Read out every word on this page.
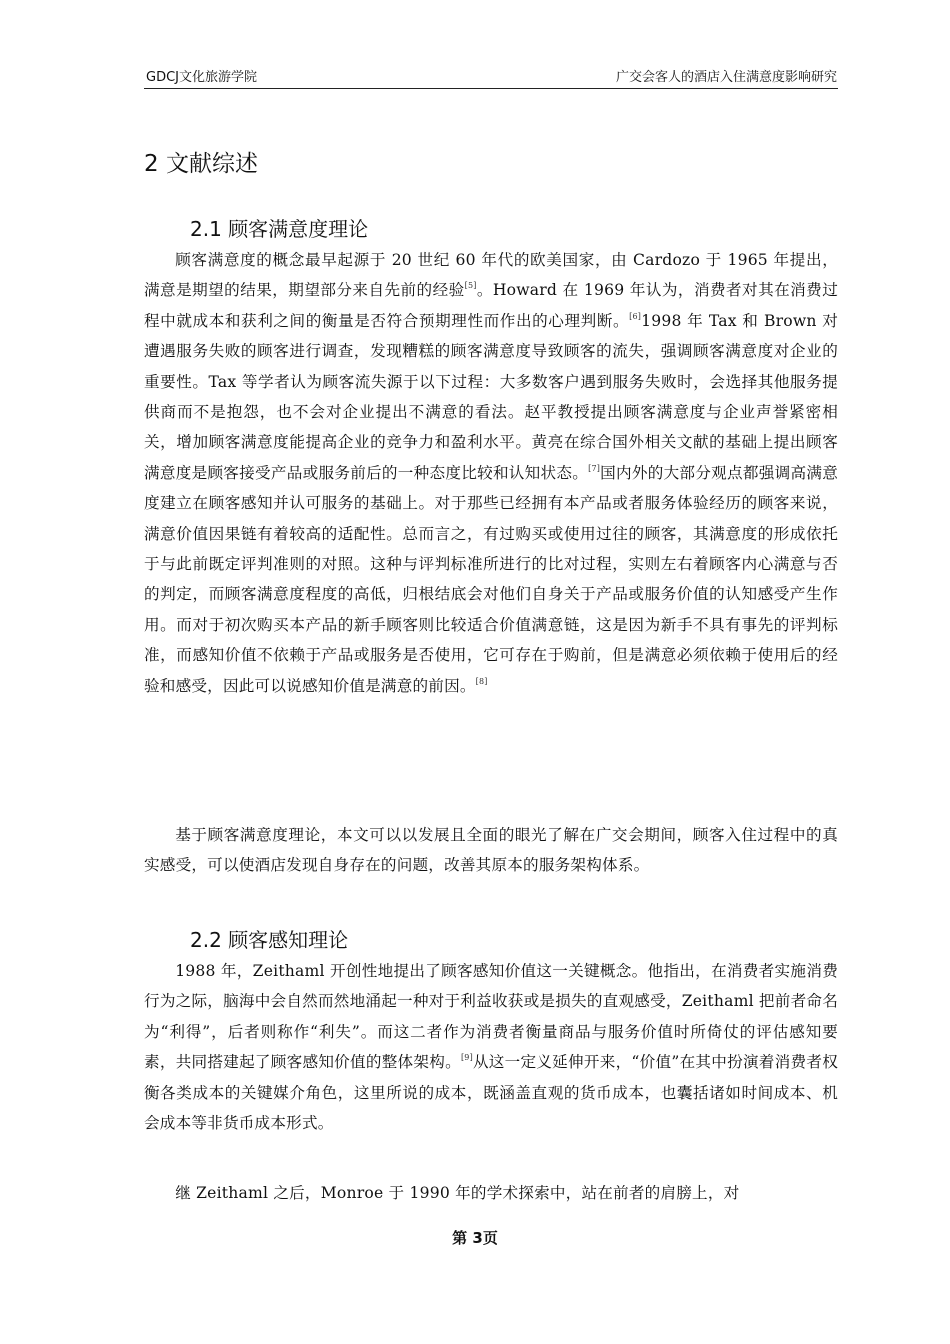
GDCJ文化旅游学院	广交会客人的酒店入住满意度影响研究
2 文献综述
2.1 顾客满意度理论

顾客满意度的概念最早起源于 20 世纪 60 年代的欧美国家，由 Cardozo 于 1965 年提出，满意是期望的结果，期望部分来自先前的经验[5]。Howard 在 1969 年认为，消费者对其在消费过程中就成本和获利之间的衡量是否符合预期理性而作出的心理判断。[6]1998 年 Tax 和 Brown 对遭遇服务失败的顾客进行调查，发现糟糕的顾客满意度导致顾客的流失，强调顾客满意度对企业的重要性。Tax 等学者认为顾客流失源于以下过程：大多数客户遇到服务失败时，会选择其他服务提供商而不是抱怨，也不会对企业提出不满意的看法。赵平教授提出顾客满意度与企业声誉紧密相关，增加顾客满意度能提高企业的竞争力和盈利水平。黄亮在综合国外相关文献的基础上提出顾客满意度是顾客接受产品或服务前后的一种态度比较和认知状态。[7]国内外的大部分观点都强调高满意度建立在顾客感知并认可服务的基础上。对于那些已经拥有本产品或者服务体验经历的顾客来说，满意价值因果链有着较高的适配性。总而言之，有过购买或使用过往的顾客，其满意度的形成依托于与此前既定评判准则的对照。这种与评判标准所进行的比对过程，实则左右着顾客内心满意与否的判定，而顾客满意度程度的高低，归根结底会对他们自身关于产品或服务价值的认知感受产生作用。而对于初次购买本产品的新手顾客则比较适合价值满意链，这是因为新手不具有事先的评判标准，而感知价值不依赖于产品或服务是否使用，它可存在于购前，但是满意必须依赖于使用后的经验和感受，因此可以说感知价值是满意的前因。[8]

基于顾客满意度理论，本文可以以发展且全面的眼光了解在广交会期间，顾客入住过程中的真实感受，可以使酒店发现自身存在的问题，改善其原本的服务架构体系。

2.2 顾客感知理论

1988 年，Zeithaml 开创性地提出了顾客感知价值这一关键概念。他指出，在消费者实施消费行为之际，脑海中会自然而然地涌起一种对于利益收获或是损失的直观感受，Zeithaml 把前者命名为“利得”，后者则称作“利失”。而这二者作为消费者衡量商品与服务价值时所倚仗的评估感知要素，共同搭建起了顾客感知价值的整体架构。[9]从这一定义延伸开来，“价值”在其中扮演着消费者权衡各类成本的关键媒介角色，这里所说的成本，既涵盖直观的货币成本，也囊括诸如时间成本、机会成本等非货币成本形式。

继 Zeithaml 之后，Monroe 于 1990 年的学术探索中，站在前者的肩膀上，对

第 3页
